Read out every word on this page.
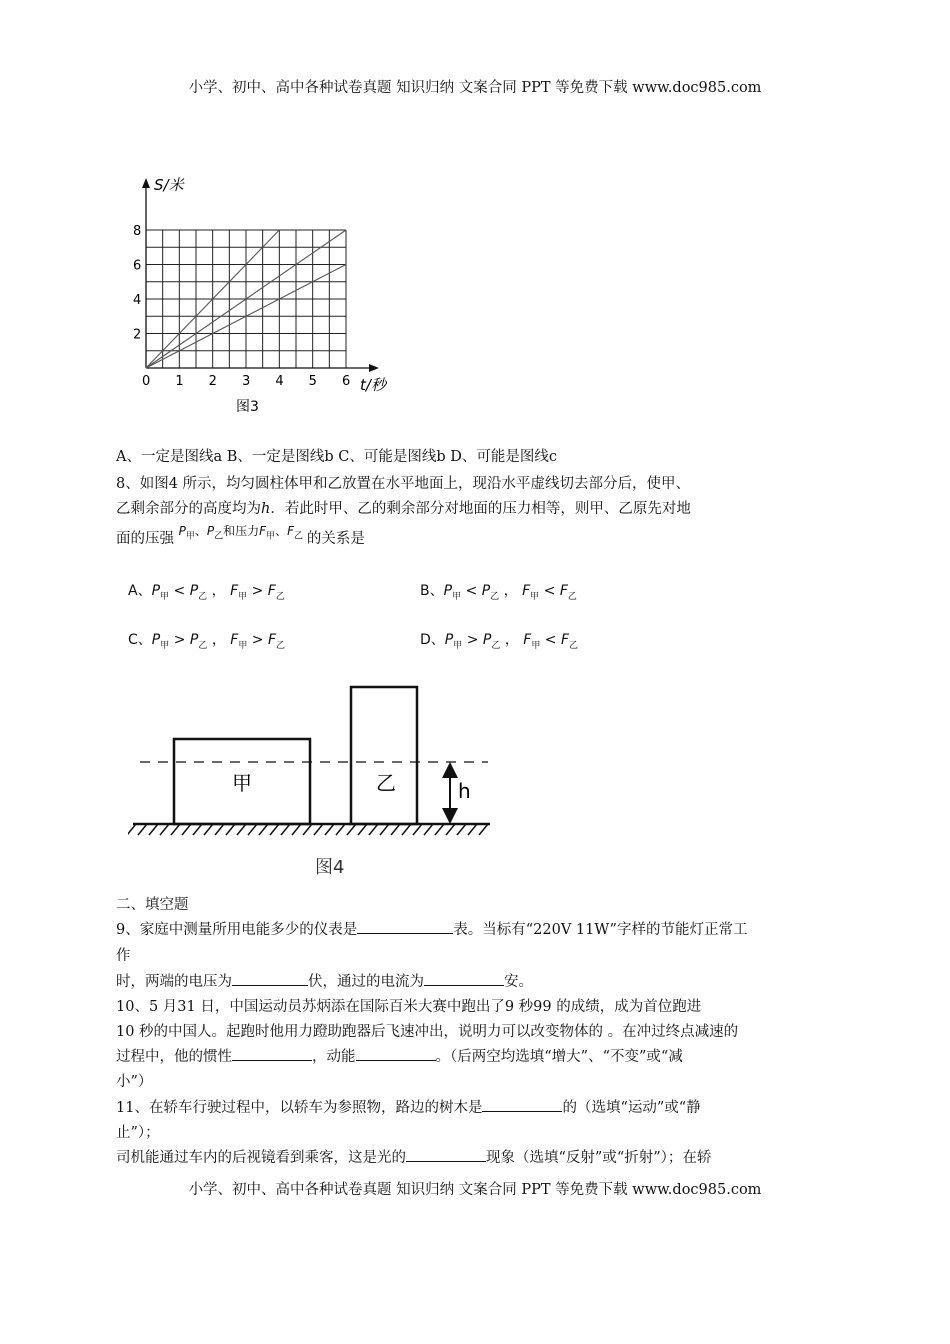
小学、初中、高中各种试卷真题 知识归纳 文案合同 PPT 等免费下载 www.doc985.com
0 1 2 3 4 5 6
2
4
6
8
S/米
t/秒
图3
A、一定是图线a B、一定是图线b C、可能是图线b D、可能是图线c
8、如图4 所示，均匀圆柱体甲和乙放置在水平地面上，现沿水平虚线切去部分后，使甲、
乙剩余部分的高度均为h．若此时甲、乙的剩余部分对地面的压力相等，则甲、乙原先对地
面的压强 $^{P_甲、P_乙和压力F_甲、F_乙}$ 的关系是
A、$P_甲 < P_乙$ ， $F_甲 > F_乙$	B、$P_甲 < P_乙$ ， $F_甲 < F_乙$
C、$P_甲 > P_乙$ ， $F_甲 > F_乙$	D、$P_甲 > P_乙$ ， $F_甲 < F_乙$
甲	乙	h
图4
二、填空题
9、家庭中测量所用电能多少的仪表是	表。当标有“220V 11W”字样的节能灯正常工
作
时，两端的电压为	伏，通过的电流为	安。
10、5 月31 日，中国运动员苏炳添在国际百米大赛中跑出了9 秒99 的成绩，成为首位跑进
10 秒的中国人。起跑时他用力蹬助跑器后飞速冲出，说明力可以改变物体的 。在冲过终点减速的
过程中，他的惯性	，动能	。（后两空均选填“增大”、“不变”或“减
小”）
11、在轿车行驶过程中，以轿车为参照物，路边的树木是	的（选填“运动”或“静
止”）；
司机能通过车内的后视镜看到乘客，这是光的	现象（选填“反射”或“折射”）；在轿
小学、初中、高中各种试卷真题 知识归纳 文案合同 PPT 等免费下载 www.doc985.com
